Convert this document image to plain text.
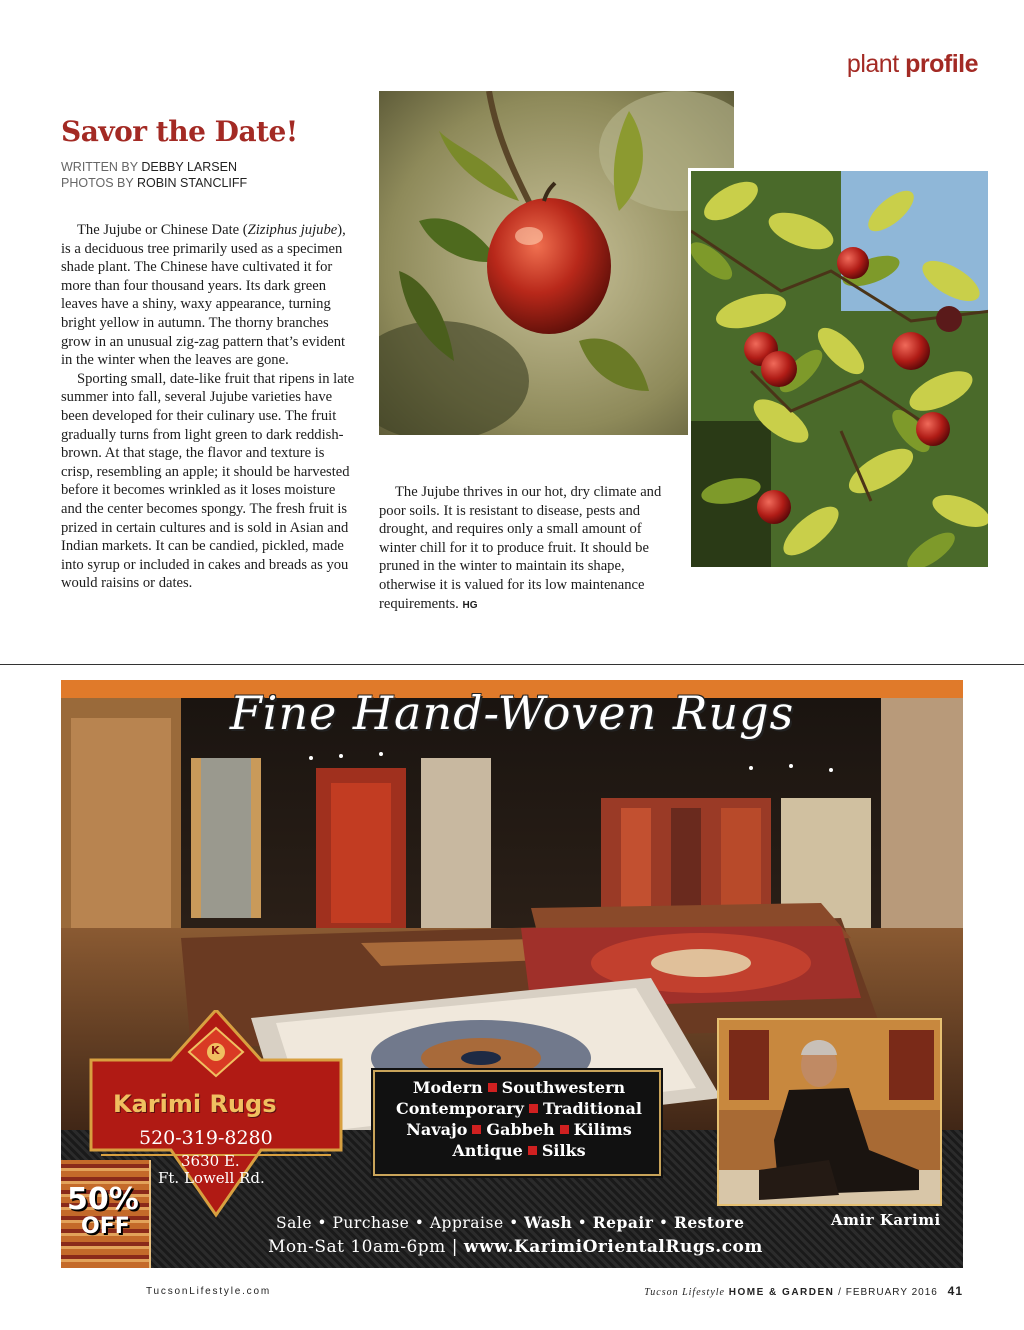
plant profile
Savor the Date!
WRITTEN BY DEBBY LARSEN
PHOTOS BY ROBIN STANCLIFF

The Jujube or Chinese Date (Ziziphus jujube), is a deciduous tree primarily used as a specimen shade plant. The Chinese have cultivated it for more than four thousand years. Its dark green leaves have a shiny, waxy appearance, turning bright yellow in autumn. The thorny branches grow in an unusual zig-zag pattern that’s evident in the winter when the leaves are gone.

Sporting small, date-like fruit that ripens in late summer into fall, several Jujube varieties have been developed for their culinary use. The fruit gradually turns from light green to dark reddish-brown. At that stage, the flavor and texture is crisp, resembling an apple; it should be harvested before it becomes wrinkled as it loses moisture and the center becomes spongy. The fresh fruit is prized in certain cultures and is sold in Asian and Indian markets. It can be candied, pickled, made into syrup or included in cakes and breads as you would raisins or dates.

The Jujube thrives in our hot, dry climate and poor soils. It is resistant to disease, pests and drought, and requires only a small amount of winter chill for it to produce fruit. It should be pruned in the winter to maintain its shape, otherwise it is valued for its low maintenance requirements. HG

Fine Hand-Woven Rugs
K
Karimi Rugs
520-319-8280
3630 E.
Ft. Lowell Rd.
50%
OFF
Modern Southwestern
Contemporary Traditional
Navajo Gabbeh Kilims
Antique Silks
Amir Karimi
Sale • Purchase • Appraise • Wash • Repair • Restore
Mon-Sat 10am-6pm | www.KarimiOrientalRugs.com
TucsonLifestyle.com	Tucson Lifestyle HOME & GARDEN / FEBRUARY 2016 41
